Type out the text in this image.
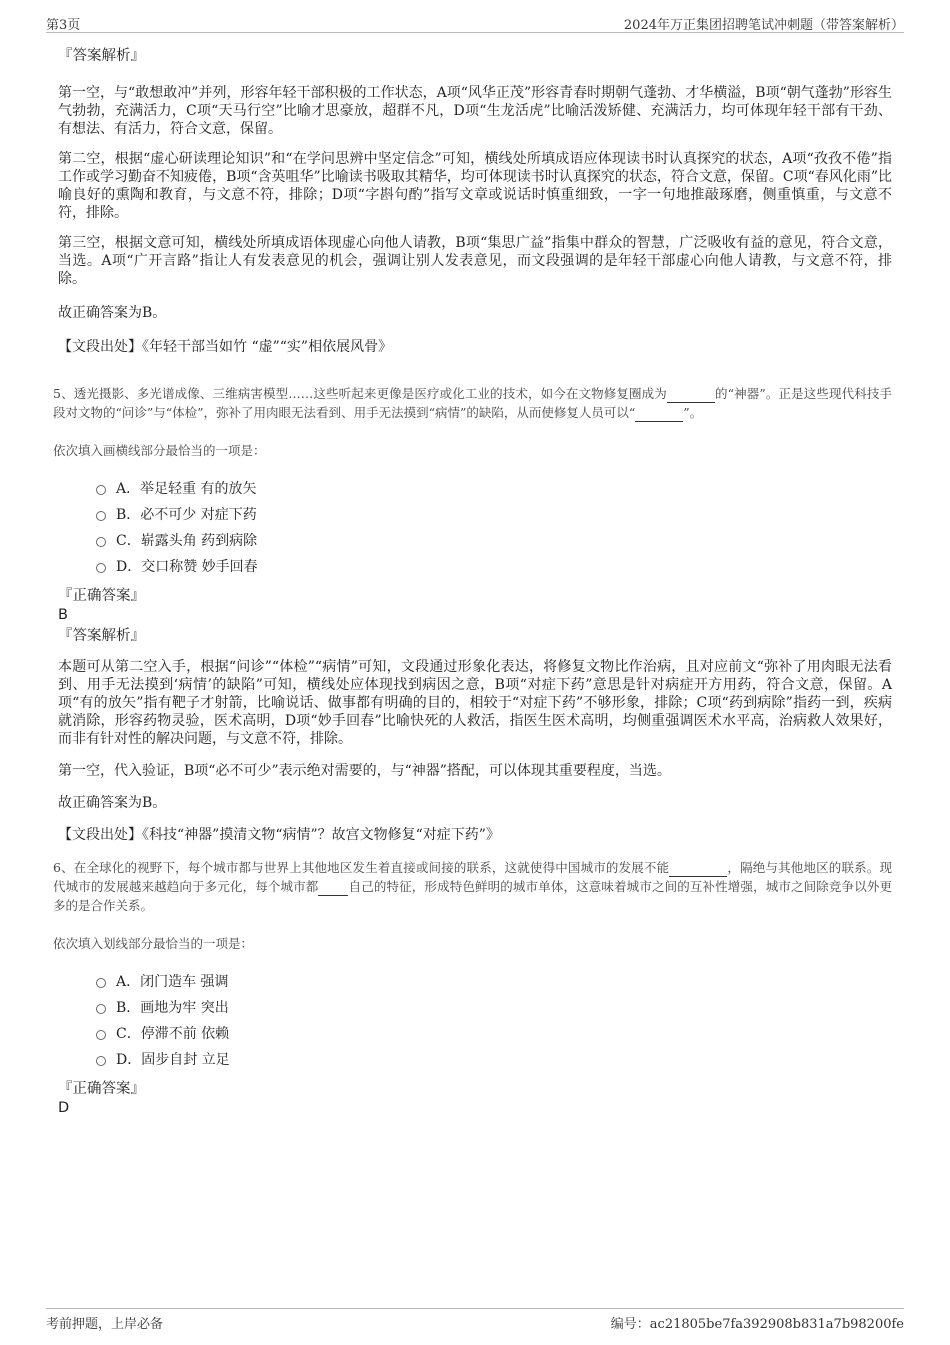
第3页	2024年万正集团招聘笔试冲刺题（带答案解析）
『答案解析』
第一空，与“敢想敢冲”并列，形容年轻干部积极的工作状态，A项“风华正茂”形容青春时期朝气蓬勃、才华横溢，B项“朝气蓬勃”形容生气勃勃，充满活力，C项“天马行空”比喻才思豪放，超群不凡，D项“生龙活虎”比喻活泼矫健、充满活力，均可体现年轻干部有干劲、有想法、有活力，符合文意，保留。
第二空，根据“虚心研读理论知识”和“在学问思辨中坚定信念”可知，横线处所填成语应体现读书时认真探究的状态，A项“孜孜不倦”指工作或学习勤奋不知疲倦，B项“含英咀华”比喻读书吸取其精华，均可体现读书时认真探究的状态，符合文意，保留。C项“春风化雨”比喻良好的熏陶和教育，与文意不符，排除；D项“字斟句酌”指写文章或说话时慎重细致，一字一句地推敲琢磨，侧重慎重，与文意不符，排除。
第三空，根据文意可知，横线处所填成语体现虚心向他人请教，B项“集思广益”指集中群众的智慧，广泛吸收有益的意见，符合文意，当选。A项“广开言路”指让人有发表意见的机会，强调让别人发表意见，而文段强调的是年轻干部虚心向他人请教，与文意不符，排除。
故正确答案为B。
【文段出处】《年轻干部当如竹 “虚”“实”相依展风骨》
5、透光摄影、多光谱成像、三维病害模型……这些听起来更像是医疗或化工业的技术，如今在文物修复圈成为	的“神器”。正是这些现代科技手段对文物的“问诊”与“体检”，弥补了用肉眼无法看到、用手无法摸到“病情”的缺陷，从而使修复人员可以“	”。
依次填入画横线部分最恰当的一项是：
A．举足轻重 有的放矢
B．必不可少 对症下药
C．崭露头角 药到病除
D．交口称赞 妙手回春
『正确答案』
B
『答案解析』
本题可从第二空入手，根据“问诊”“体检”“病情”可知，文段通过形象化表达，将修复文物比作治病，且对应前文“弥补了用肉眼无法看到、用手无法摸到‘病情’的缺陷”可知，横线处应体现找到病因之意，B项“对症下药”意思是针对病症开方用药，符合文意，保留。A项“有的放矢”指有靶子才射箭，比喻说话、做事都有明确的目的，相较于“对症下药”不够形象，排除；C项“药到病除”指药一到，疾病就消除，形容药物灵验，医术高明，D项“妙手回春”比喻快死的人救活，指医生医术高明，均侧重强调医术水平高，治病救人效果好，而非有针对性的解决问题，与文意不符，排除。
第一空，代入验证，B项“必不可少”表示绝对需要的，与“神器”搭配，可以体现其重要程度，当选。
故正确答案为B。
【文段出处】《科技“神器”摸清文物“病情”？故宫文物修复“对症下药”》
6、在全球化的视野下，每个城市都与世界上其他地区发生着直接或间接的联系，这就使得中国城市的发展不能	，隔绝与其他地区的联系。现代城市的发展越来越趋向于多元化，每个城市都 自己的特征，形成特色鲜明的城市单体，这意味着城市之间的互补性增强，城市之间除竞争以外更多的是合作关系。
依次填入划线部分最恰当的一项是：
A．闭门造车 强调
B．画地为牢 突出
C．停滞不前 依赖
D．固步自封 立足
『正确答案』
D
考前押题，上岸必备	编号：ac21805be7fa392908b831a7b98200fe
